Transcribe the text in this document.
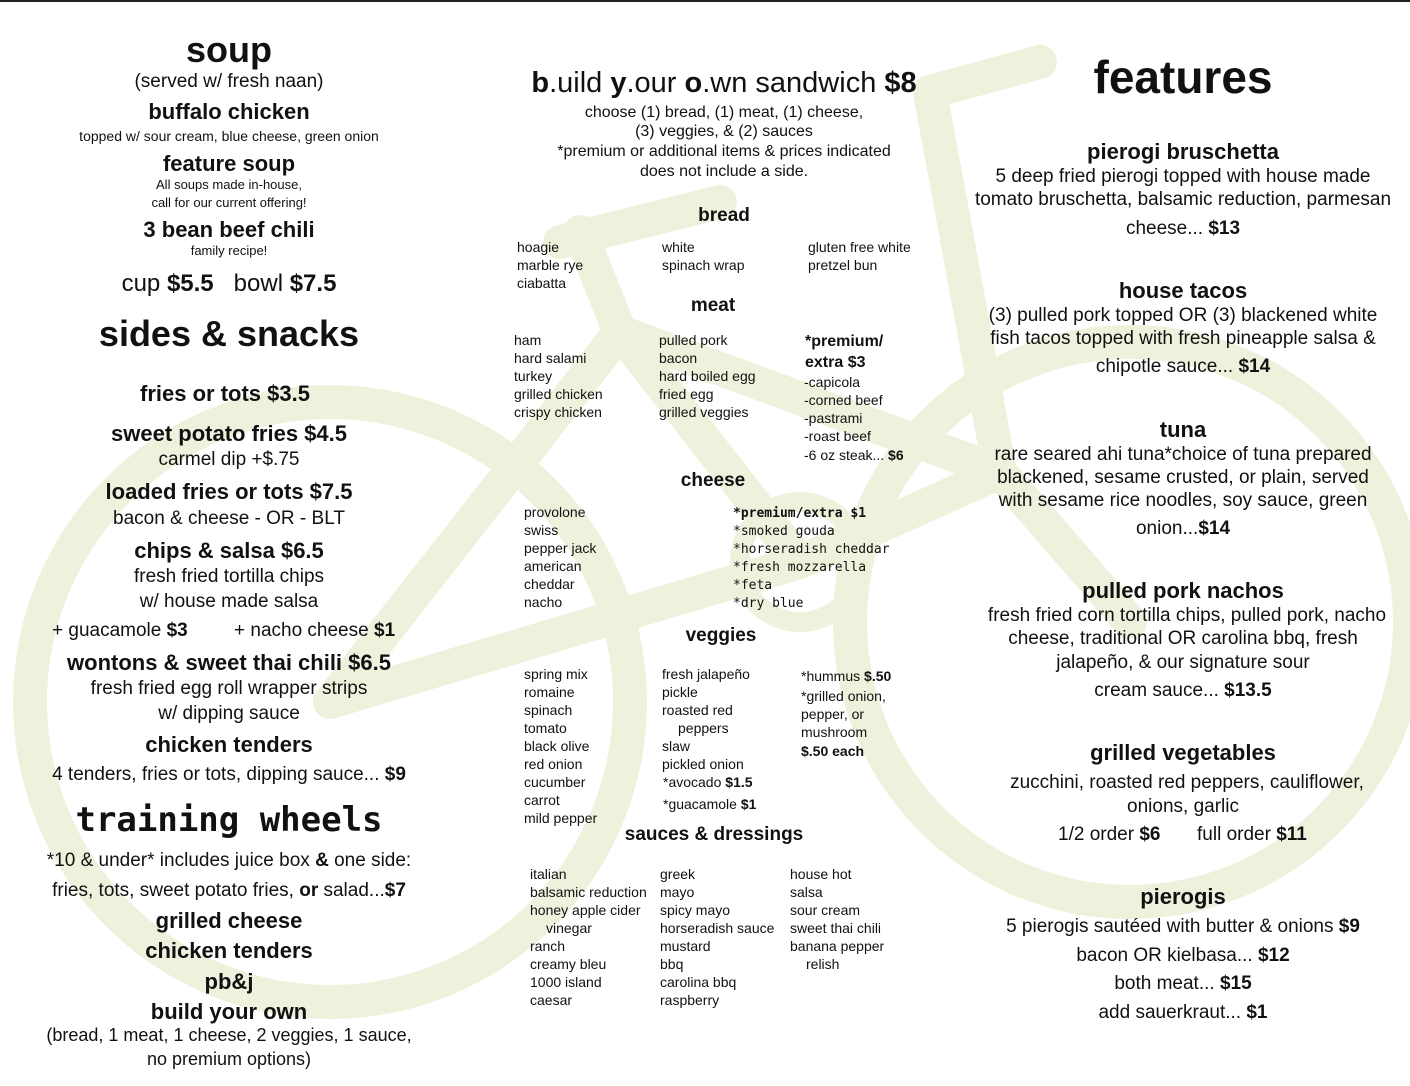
soup
(served w/ fresh naan)
buffalo chicken
topped w/ sour cream, blue cheese, green onion
feature soup
All soups made in-house,
call for our current offering!
3 bean beef chili
family recipe!
cup $5.5 bowl $7.5
sides & snacks
fries or tots $3.5
sweet potato fries $4.5
carmel dip +$.75
loaded fries or tots $7.5
bacon & cheese - OR - BLT
chips & salsa $6.5
fresh fried tortilla chips
w/ house made salsa
+ guacamole $3 + nacho cheese $1
wontons & sweet thai chili $6.5
fresh fried egg roll wrapper strips
w/ dipping sauce
chicken tenders
4 tenders, fries or tots, dipping sauce... $9
training wheels
*10 & under* includes juice box & one side:
fries, tots, sweet potato fries, or salad...$7
grilled cheese
chicken tenders
pb&j
build your own
(bread, 1 meat, 1 cheese, 2 veggies, 1 sauce,
no premium options)
b.uild y.our o.wn sandwich $8
choose (1) bread, (1) meat, (1) cheese,
(3) veggies, & (2) sauces
*premium or additional items & prices indicated
does not include a side.
bread
hoagie
marble rye
ciabatta
white
spinach wrap
gluten free white
pretzel bun
meat
ham
hard salami
turkey
grilled chicken
crispy chicken
pulled pork
bacon
hard boiled egg
fried egg
grilled veggies
*premium/
extra $3
-capicola
-corned beef
-pastrami
-roast beef
-6 oz steak... $6
cheese
provolone
swiss
pepper jack
american
cheddar
nacho
*premium/extra $1
*smoked gouda
*horseradish cheddar
*fresh mozzarella
*feta
*dry blue
veggies
spring mix
romaine
spinach
tomato
black olive
red onion
cucumber
carrot
mild pepper
fresh jalapeño
pickle
roasted red
peppers
slaw
pickled onion
*avocado $1.5
*guacamole $1
*hummus $.50
*grilled onion,
pepper, or
mushroom
$.50 each
sauces & dressings
italian
balsamic reduction
honey apple cider
vinegar
ranch
creamy bleu
1000 island
caesar
greek
mayo
spicy mayo
horseradish sauce
mustard
bbq
carolina bbq
raspberry
house hot
salsa
sour cream
sweet thai chili
banana pepper
relish
features
pierogi bruschetta
5 deep fried pierogi topped with house made
tomato bruschetta, balsamic reduction, parmesan
cheese... $13
house tacos
(3) pulled pork topped OR (3) blackened white
fish tacos topped with fresh pineapple salsa &
chipotle sauce... $14
tuna
rare seared ahi tuna*choice of tuna prepared
blackened, sesame crusted, or plain, served
with sesame rice noodles, soy sauce, green
onion...$14
pulled pork nachos
fresh fried corn tortilla chips, pulled pork, nacho
cheese, traditional OR carolina bbq, fresh
jalapeño, & our signature sour
cream sauce... $13.5
grilled vegetables
zucchini, roasted red peppers, cauliflower,
onions, garlic
1/2 order $6 full order $11
pierogis
5 pierogis sautéed with butter & onions $9
bacon OR kielbasa... $12
both meat... $15
add sauerkraut... $1
